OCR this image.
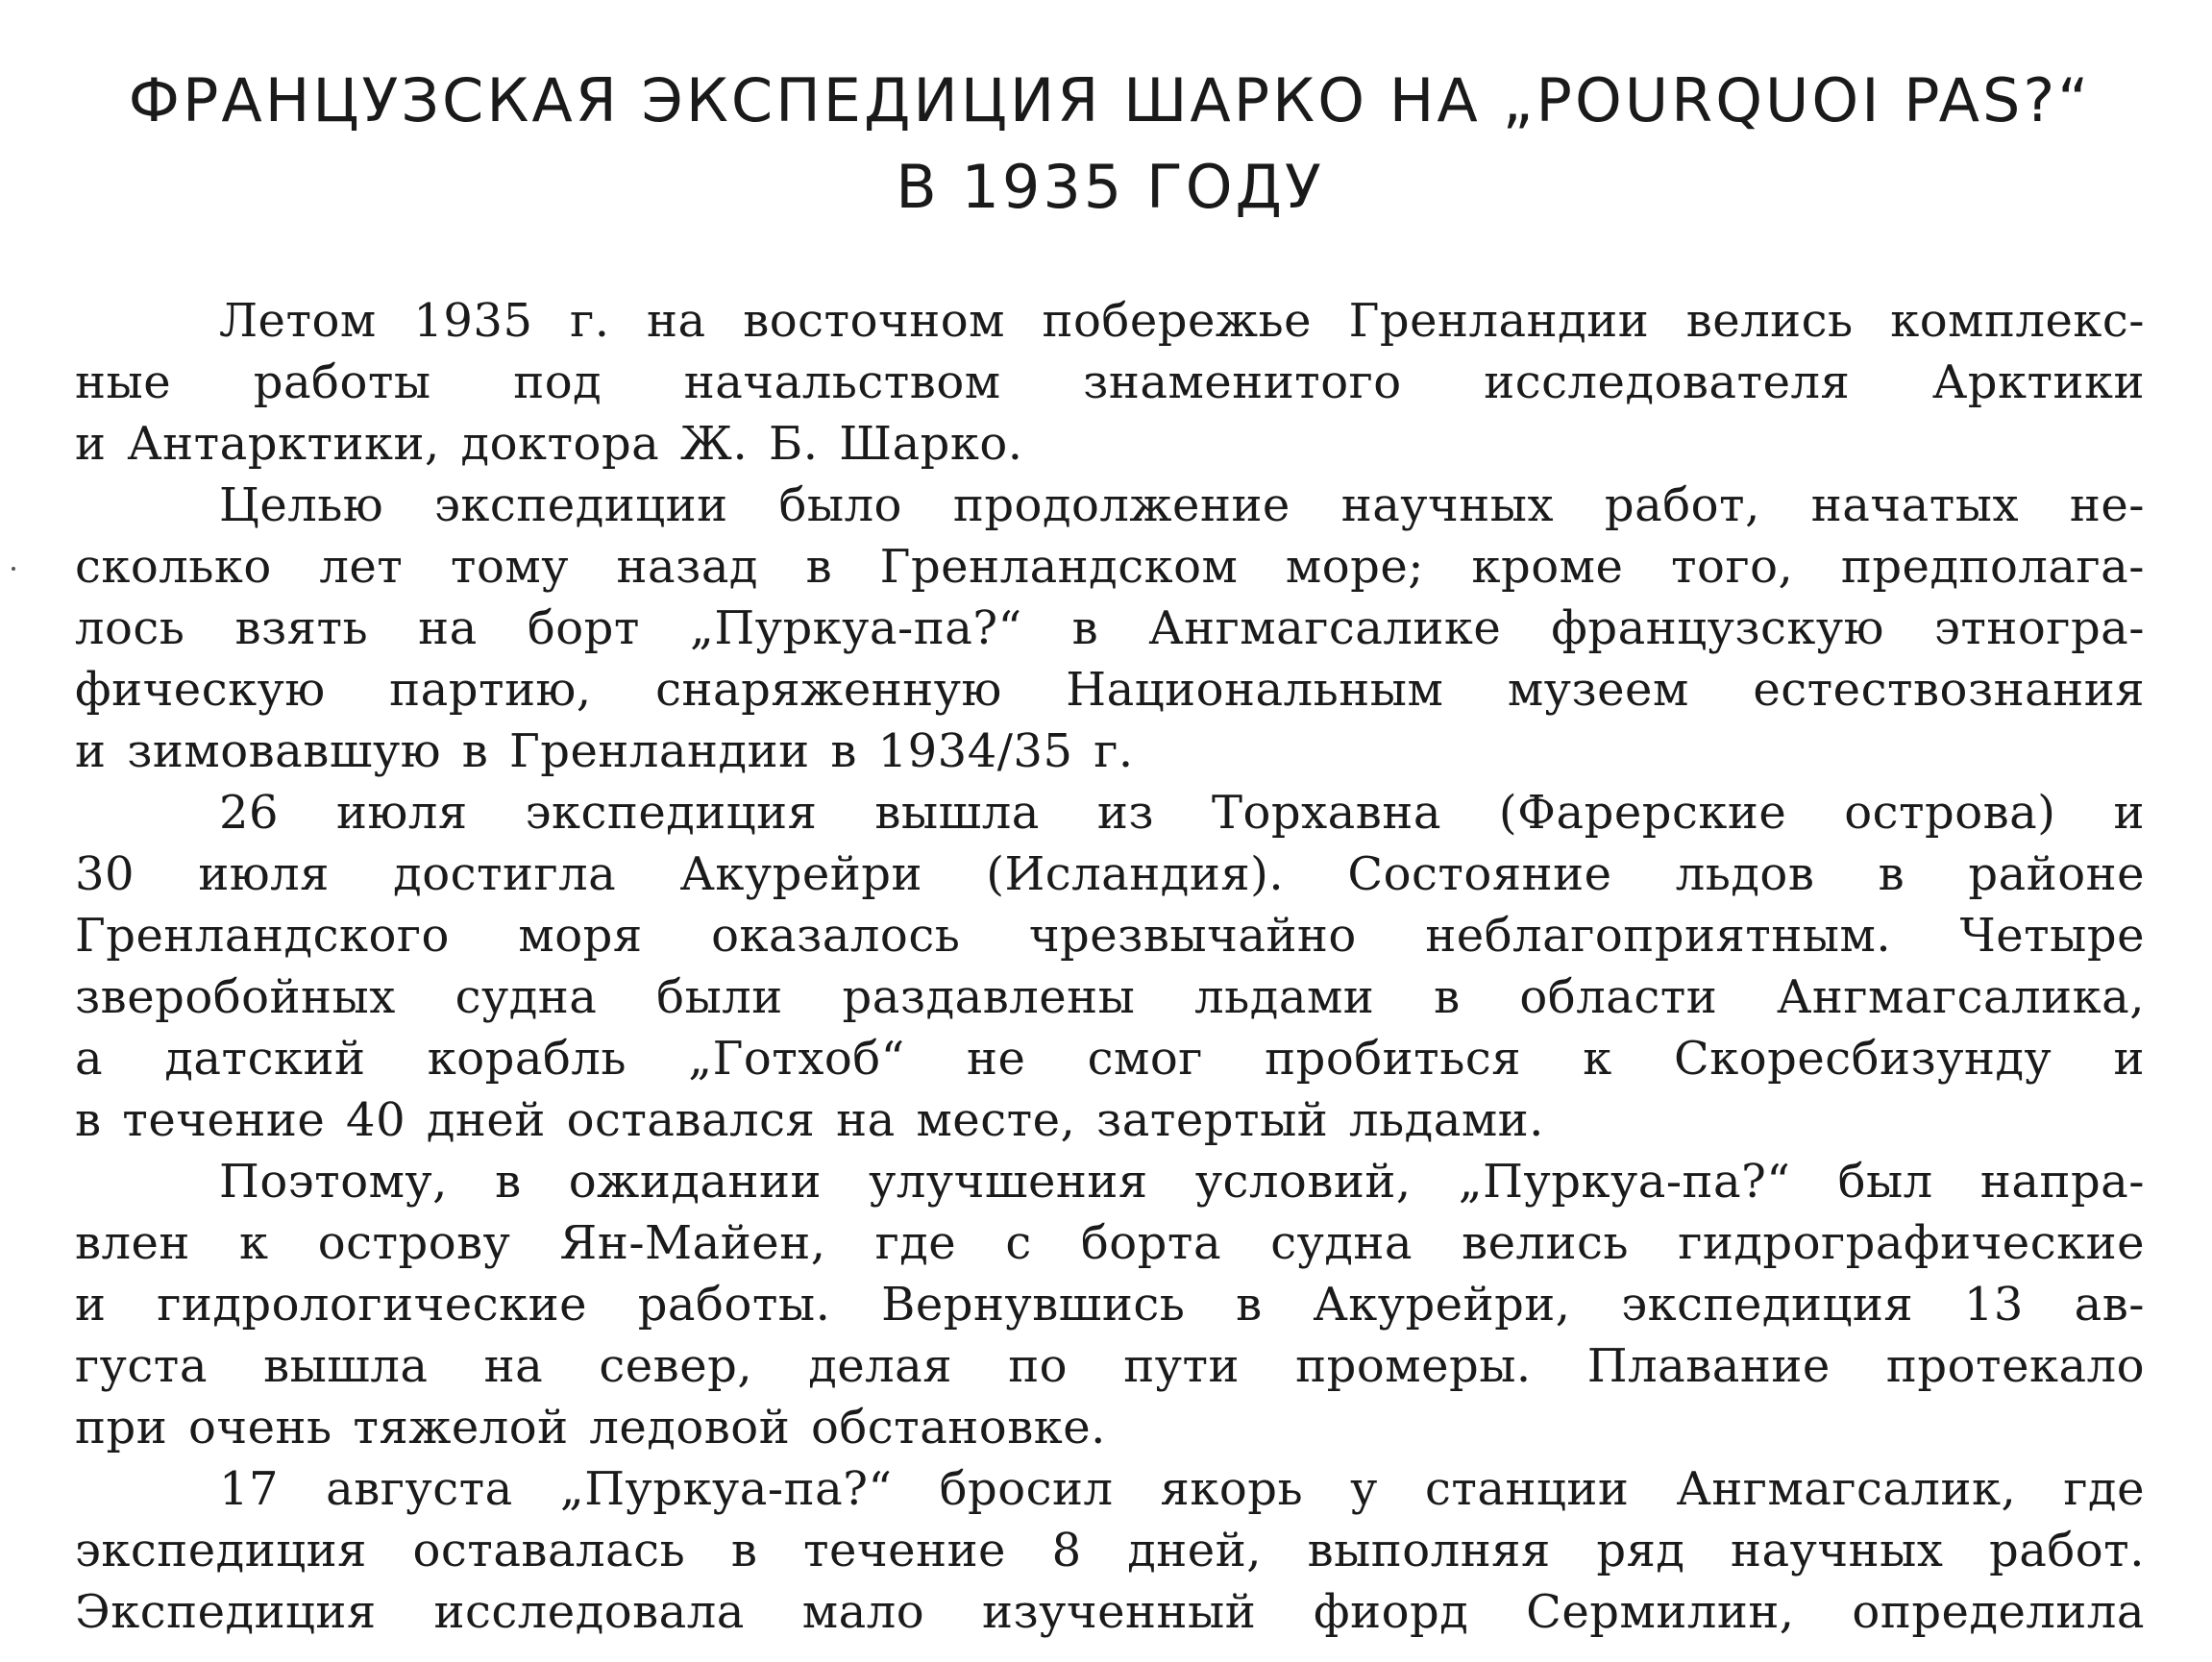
ФРАНЦУЗСКАЯ ЭКСПЕДИЦИЯ ШАРКО НА „POURQUOI PAS?“
В 1935 ГОДУ
Летом 1935 г. на восточном побережье Гренландии велись комплекс-
ные работы под начальством знаменитого исследователя Арктики
и Антарктики, доктора Ж. Б. Шарко.
Целью экспедиции было продолжение научных работ, начатых не-
сколько лет тому назад в Гренландском море; кроме того, предполага-
лось взять на борт „Пуркуа-па?“ в Ангмагсалике французскую этногра-
фическую партию, снаряженную Национальным музеем естествознания
и зимовавшую в Гренландии в 1934/35 г.
26 июля экспедиция вышла из Торхавна (Фарерские острова) и
30 июля достигла Акурейри (Исландия). Состояние льдов в районе
Гренландского моря оказалось чрезвычайно неблагоприятным. Четыре
зверобойных судна были раздавлены льдами в области Ангмагсалика,
а датский корабль „Готхоб“ не смог пробиться к Скоресбизунду и
в течение 40 дней оставался на месте, затертый льдами.
Поэтому, в ожидании улучшения условий, „Пуркуа-па?“ был напра-
влен к острову Ян-Майен, где с борта судна велись гидрографические
и гидрологические работы. Вернувшись в Акурейри, экспедиция 13 ав-
густа вышла на север, делая по пути промеры. Плавание протекало
при очень тяжелой ледовой обстановке.
17 августа „Пуркуа-па?“ бросил якорь у станции Ангмагсалик, где
экспедиция оставалась в течение 8 дней, выполняя ряд научных работ.
Экспедиция исследовала мало изученный фиорд Сермилин, определила
